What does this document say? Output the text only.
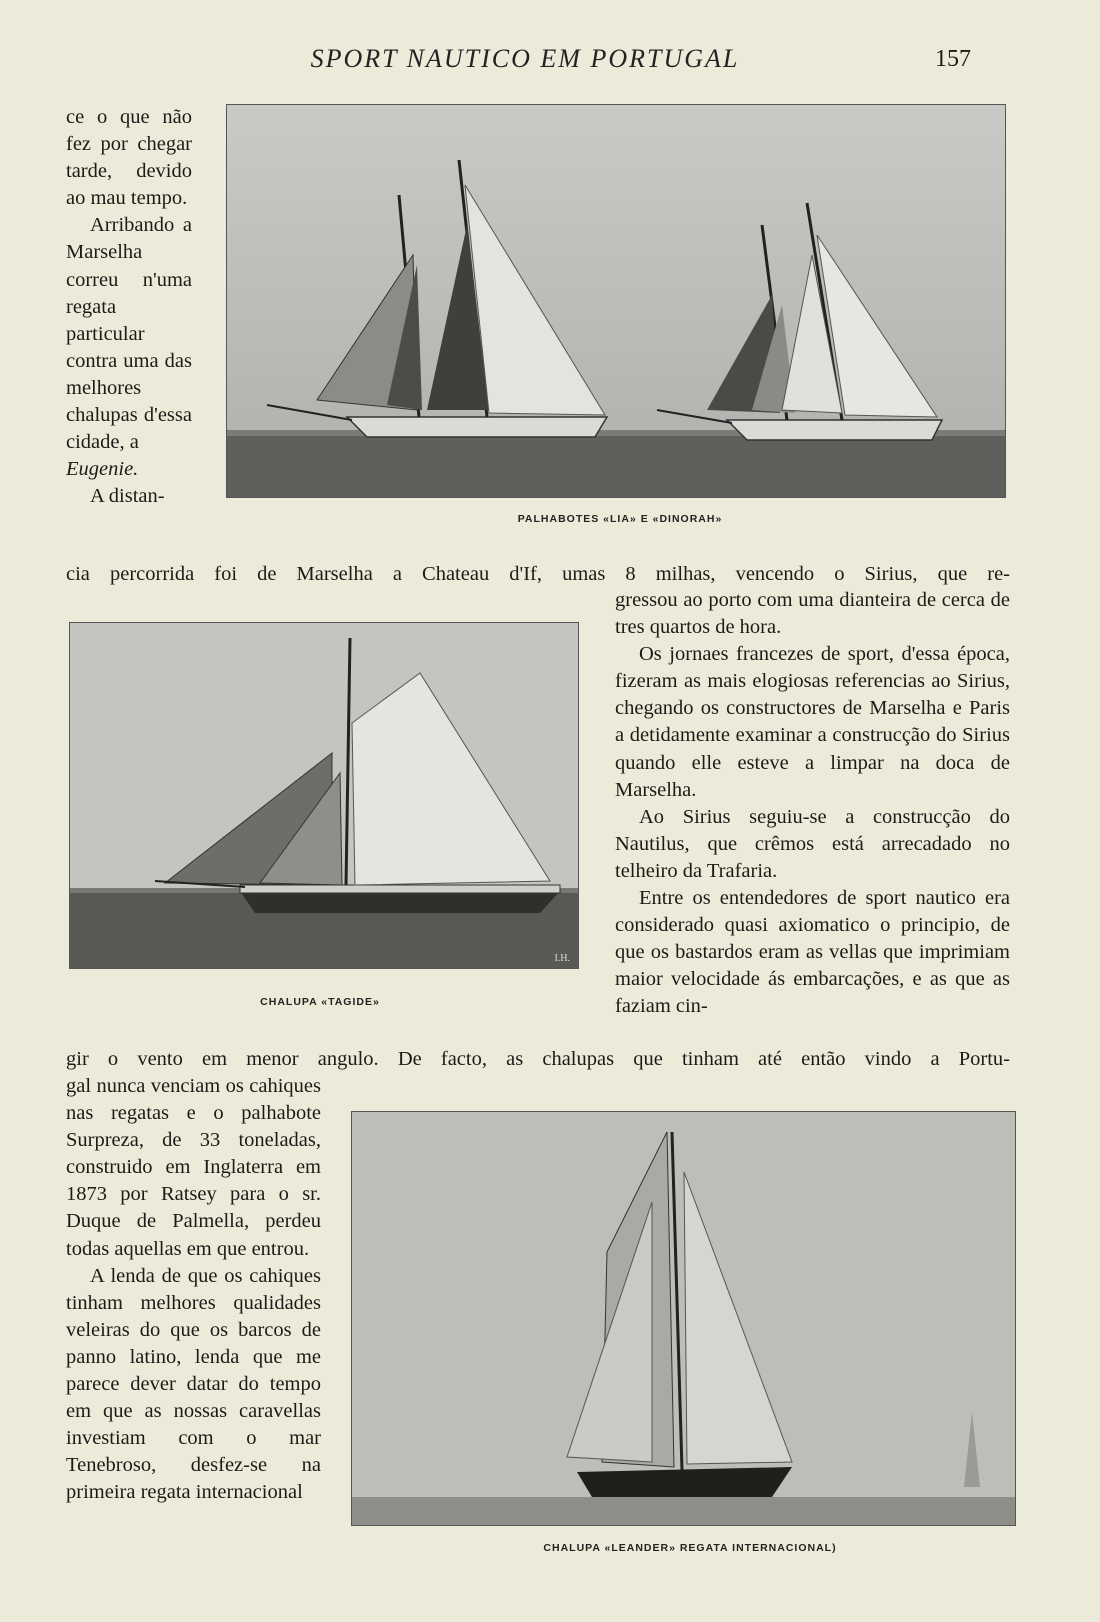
SPORT NAUTICO EM PORTUGAL	157
PALHABOTES «LIA» E «DINORAH»
I.H.
CHALUPA «TAGIDE»
CHALUPA «LEANDER» REGATA INTERNACIONAL)

ce o que não fez por chegar tarde, devido ao mau tempo.

Arribando a Marselha correu n'uma regata particular contra uma das melhores chalupas d'essa cidade, a

Eugenie.

A distan-

cia percorrida foi de Marselha a Chateau d'If, umas 8 milhas, vencendo o Sirius, que re-

gressou ao porto com uma dianteira de cerca de tres quartos de hora.

Os jornaes francezes de sport, d'essa época, fizeram as mais elogiosas referencias ao Sirius, chegando os constructores de Marselha e Paris a detidamente examinar a construcção do Sirius quando elle esteve a limpar na doca de Marselha.

Ao Sirius seguiu-se a construcção do Nautilus, que crêmos está arrecadado no telheiro da Trafaria.

Entre os entendedores de sport nautico era considerado quasi axiomatico o principio, de que os bastardos eram as vellas que imprimiam maior velocidade ás embarcações, e as que as faziam cin-

gir o vento em menor angulo. De facto, as chalupas que tinham até então vindo a Portu-

gal nunca venciam os cahiques nas regatas e o palhabote Surpreza, de 33 toneladas, construido em Inglaterra em 1873 por Ratsey para o sr. Duque de Palmella, perdeu todas aquellas em que entrou.

A lenda de que os cahiques tinham melhores qualidades veleiras do que os barcos de panno latino, lenda que me parece dever datar do tempo em que as nossas caravellas investiam com o mar Tenebroso, desfez-se na primeira regata internacional
